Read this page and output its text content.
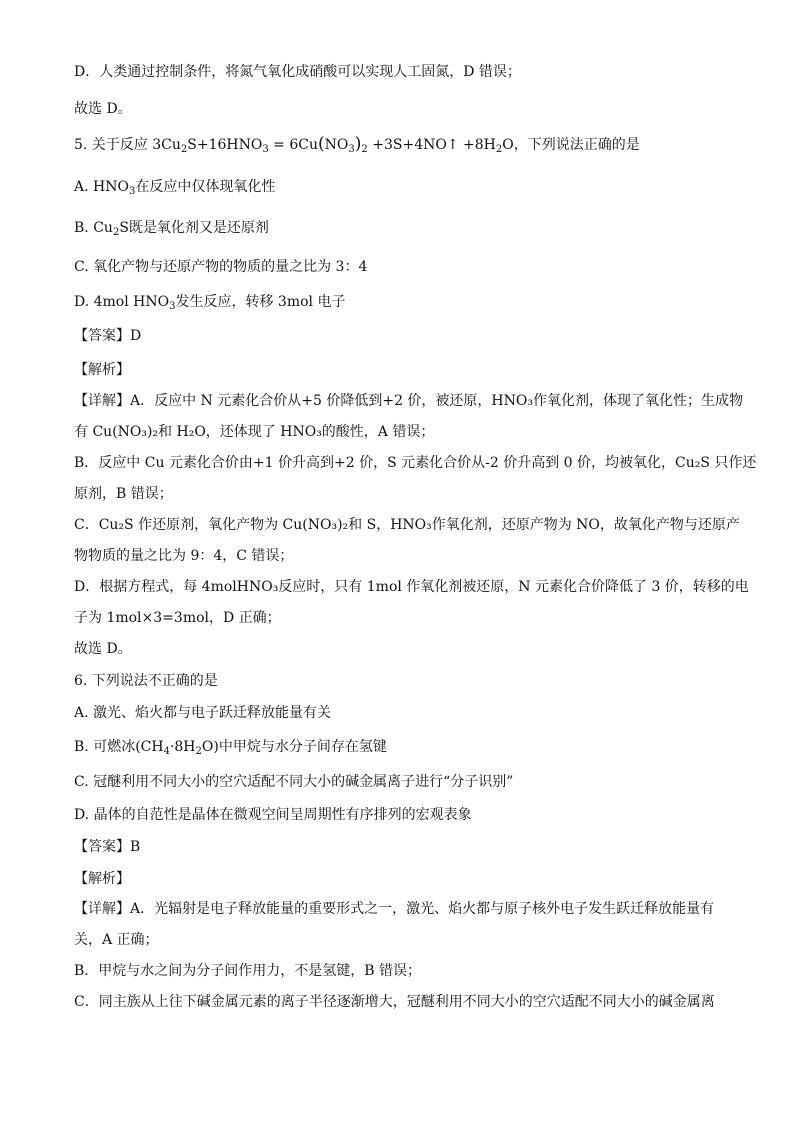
D．人类通过控制条件，将氮气氧化成硝酸可以实现人工固氮，D 错误；
故选 D。
5. 关于反应 $3Cu_2S+16HNO_3 = 6Cu(NO_3)_2$ +3S+4NO↑ $+8H_2O$，下列说法正确的是
A. $HNO_3$在反应中仅体现氧化性
B. $Cu_2S$既是氧化剂又是还原剂
C. 氧化产物与还原产物的物质的量之比为 3：4
D. 4mol $HNO_3$发生反应，转移 3mol 电子
【答案】D
【解析】
【详解】A．反应中 N 元素化合价从+5 价降低到+2 价，被还原，HNO₃作氧化剂，体现了氧化性；生成物
有 Cu(NO₃)₂和 H₂O，还体现了 HNO₃的酸性，A 错误；
B．反应中 Cu 元素化合价由+1 价升高到+2 价，S 元素化合价从-2 价升高到 0 价，均被氧化，Cu₂S 只作还
原剂，B 错误；
C．Cu₂S 作还原剂，氧化产物为 Cu(NO₃)₂和 S，HNO₃作氧化剂，还原产物为 NO，故氧化产物与还原产
物物质的量之比为 9：4，C 错误；
D．根据方程式，每 4molHNO₃反应时，只有 1mol 作氧化剂被还原，N 元素化合价降低了 3 价，转移的电
子为 1mol×3=3mol，D 正确；
故选 D。
6. 下列说法不正确的是
A. 激光、焰火都与电子跃迁释放能量有关
B. 可燃冰$(CH_4\cdot 8H_2O)$中甲烷与水分子间存在氢键
C. 冠醚利用不同大小的空穴适配不同大小的碱金属离子进行“分子识别”
D. 晶体的自范性是晶体在微观空间呈周期性有序排列的宏观表象
【答案】B
【解析】
【详解】A．光辐射是电子释放能量的重要形式之一，激光、焰火都与原子核外电子发生跃迁释放能量有
关，A 正确；
B．甲烷与水之间为分子间作用力，不是氢键，B 错误；
C．同主族从上往下碱金属元素的离子半径逐渐增大，冠醚利用不同大小的空穴适配不同大小的碱金属离
